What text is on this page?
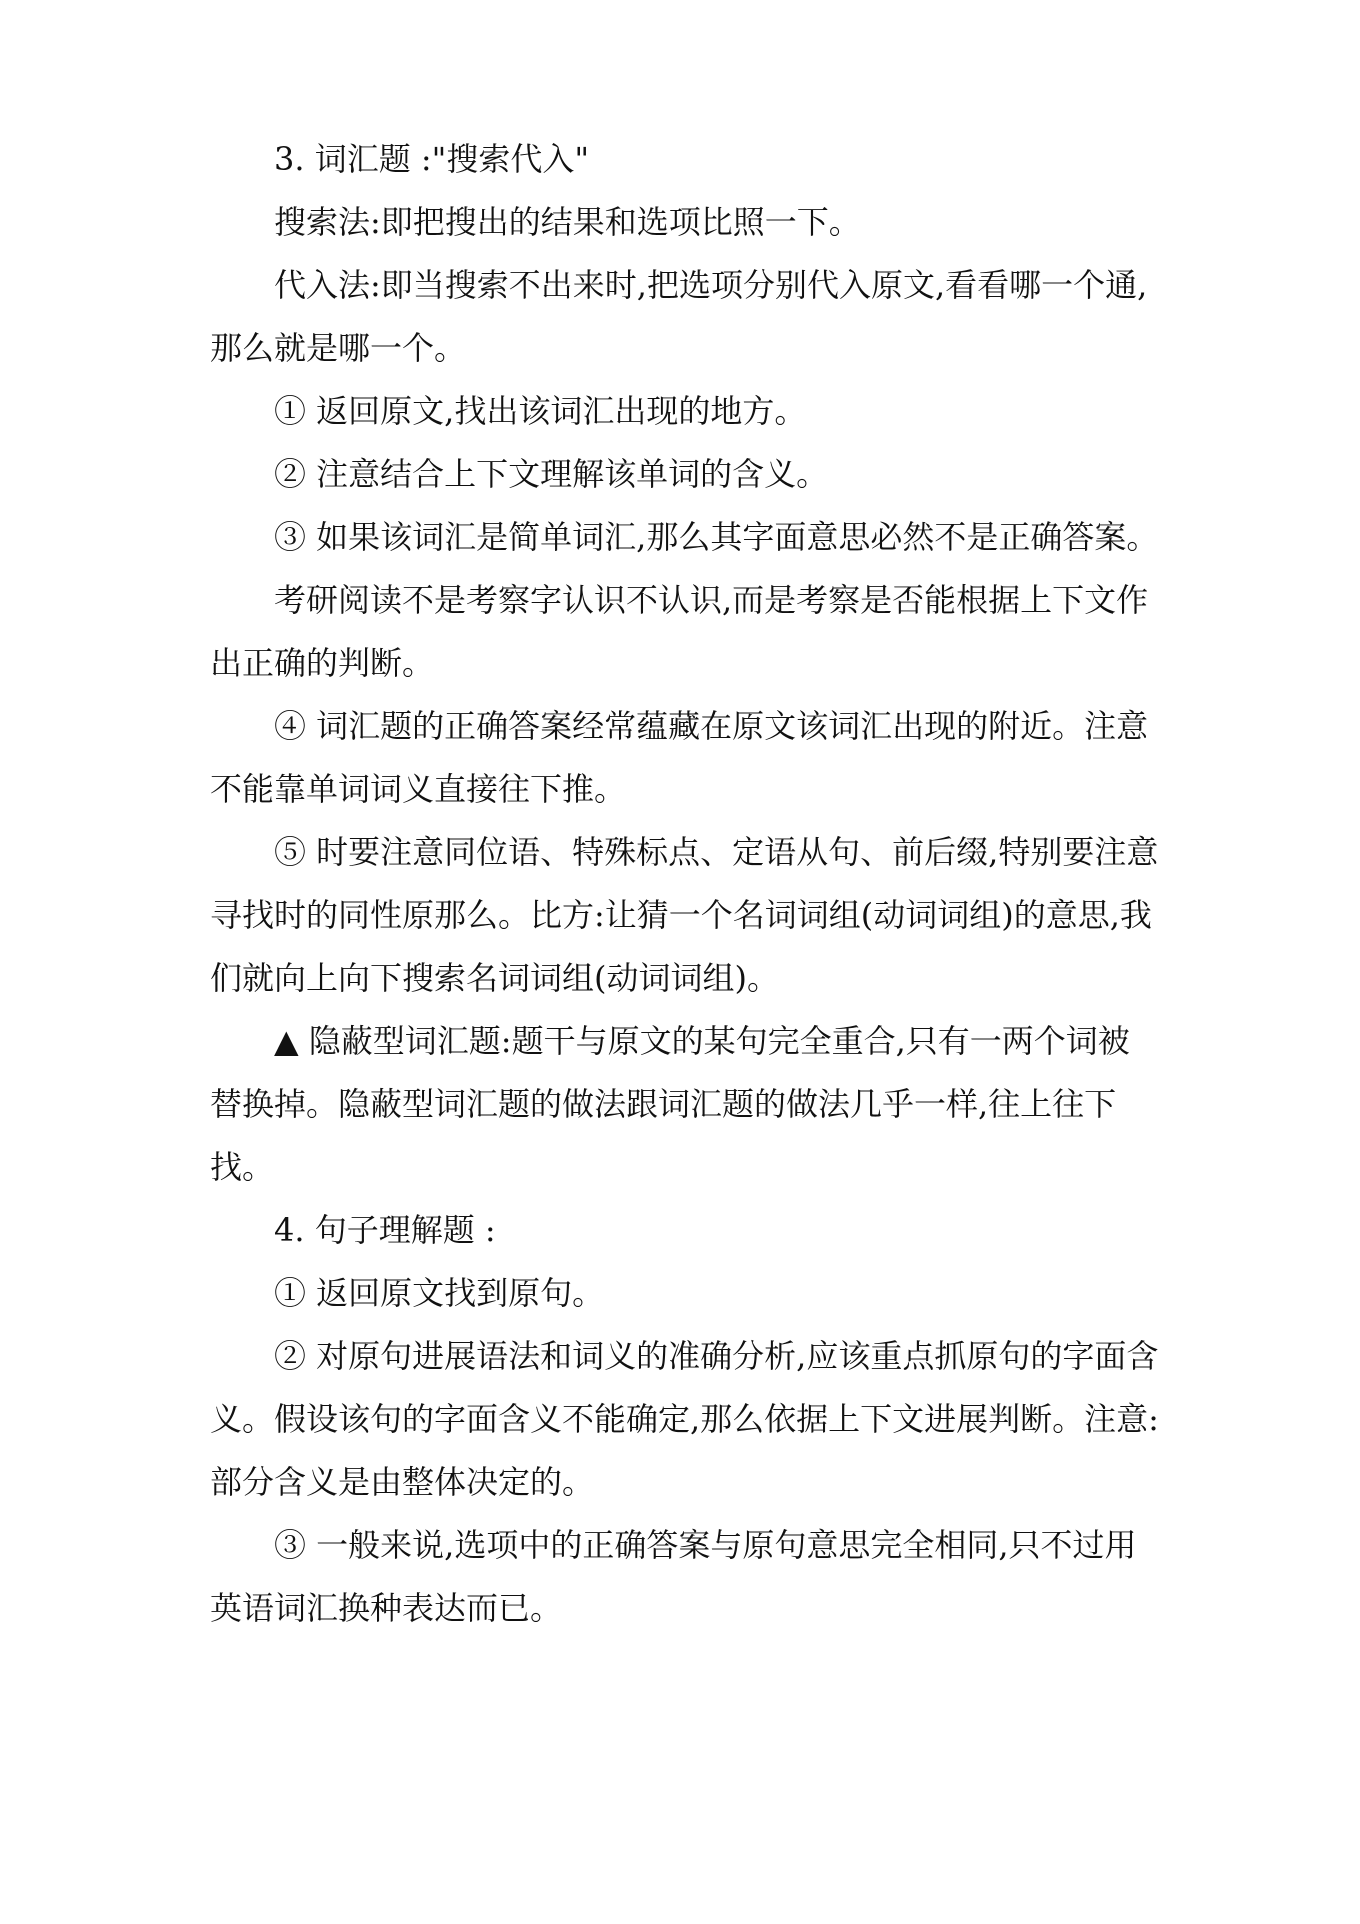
3. 词汇题 :"搜索代入"

搜索法:即把搜出的结果和选项比照一下。

代入法:即当搜索不出来时,把选项分别代入原文,看看哪一个通,那么就是哪一个。

① 返回原文,找出该词汇出现的地方。

② 注意结合上下文理解该单词的含义。

③ 如果该词汇是简单词汇,那么其字面意思必然不是正确答案。

考研阅读不是考察字认识不认识,而是考察是否能根据上下文作出正确的判断。

④ 词汇题的正确答案经常蕴藏在原文该词汇出现的附近。注意不能靠单词词义直接往下推。

⑤ 时要注意同位语、特殊标点、定语从句、前后缀,特别要注意寻找时的同性原那么。比方:让猜一个名词词组(动词词组)的意思,我们就向上向下搜索名词词组(动词词组)。

▲ 隐蔽型词汇题:题干与原文的某句完全重合,只有一两个词被替换掉。隐蔽型词汇题的做法跟词汇题的做法几乎一样,往上往下找。

4. 句子理解题 :

① 返回原文找到原句。

② 对原句进展语法和词义的准确分析,应该重点抓原句的字面含义。假设该句的字面含义不能确定,那么依据上下文进展判断。注意:部分含义是由整体决定的。

③ 一般来说,选项中的正确答案与原句意思完全相同,只不过用英语词汇换种表达而已。
